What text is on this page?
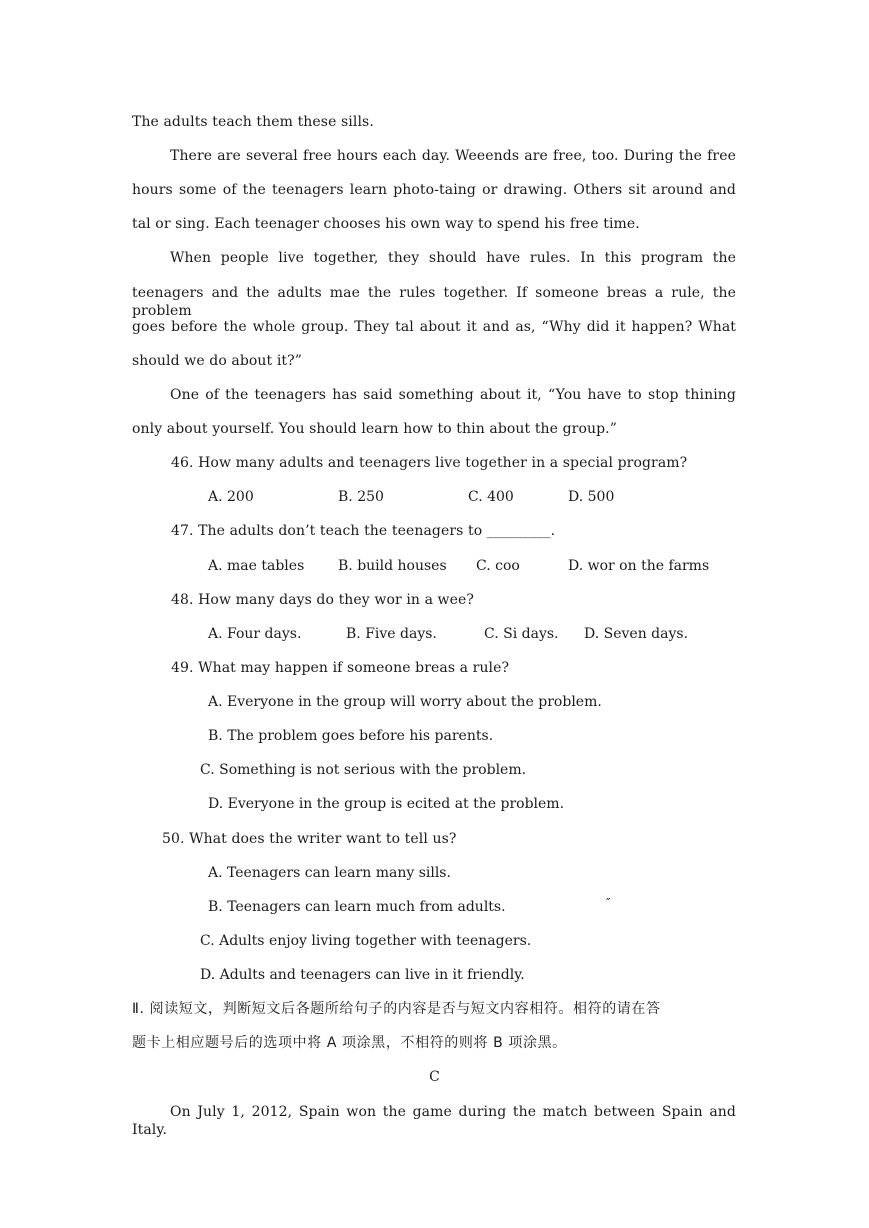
The adults teach them these sills.
There are several free hours each day. Weeends are free, too. During the free
hours some of the teenagers learn photo-taing or drawing. Others sit around and
tal or sing. Each teenager chooses his own way to spend his free time.
When people live together, they should have rules. In this program the
teenagers and the adults mae the rules together. If someone breas a rule, the problem
goes before the whole group. They tal about it and as, “Why did it happen? What
should we do about it?”
One of the teenagers has said something about it, “You have to stop thining
only about yourself. You should learn how to thin about the group.”
46. How many adults and teenagers live together in a special program?
A. 200	B. 250	C. 400	D. 500
47. The adults don’t teach the teenagers to _________.
A. mae tables B. build houses C. coo	D. wor on the farms
48. How many days do they wor in a wee?
A. Four days.	B. Five days.	C. Si days. D. Seven days.
49. What may happen if someone breas a rule?
A. Everyone in the group will worry about the problem.
B. The problem goes before his parents.
C. Something is not serious with the problem.
D. Everyone in the group is ecited at the problem.
50. What does the writer want to tell us?
A. Teenagers can learn many sills.
B. Teenagers can learn much from adults.	″
C. Adults enjoy living together with teenagers.
D. Adults and teenagers can live in it friendly.
Ⅱ. 阅读短文，判断短文后各题所给句子的内容是否与短文内容相符。相符的请在答
题卡上相应题号后的选项中将 A 项涂黑，不相符的则将 B 项涂黑。
C
On July 1, 2012, Spain won the game during the match between Spain and Italy.
